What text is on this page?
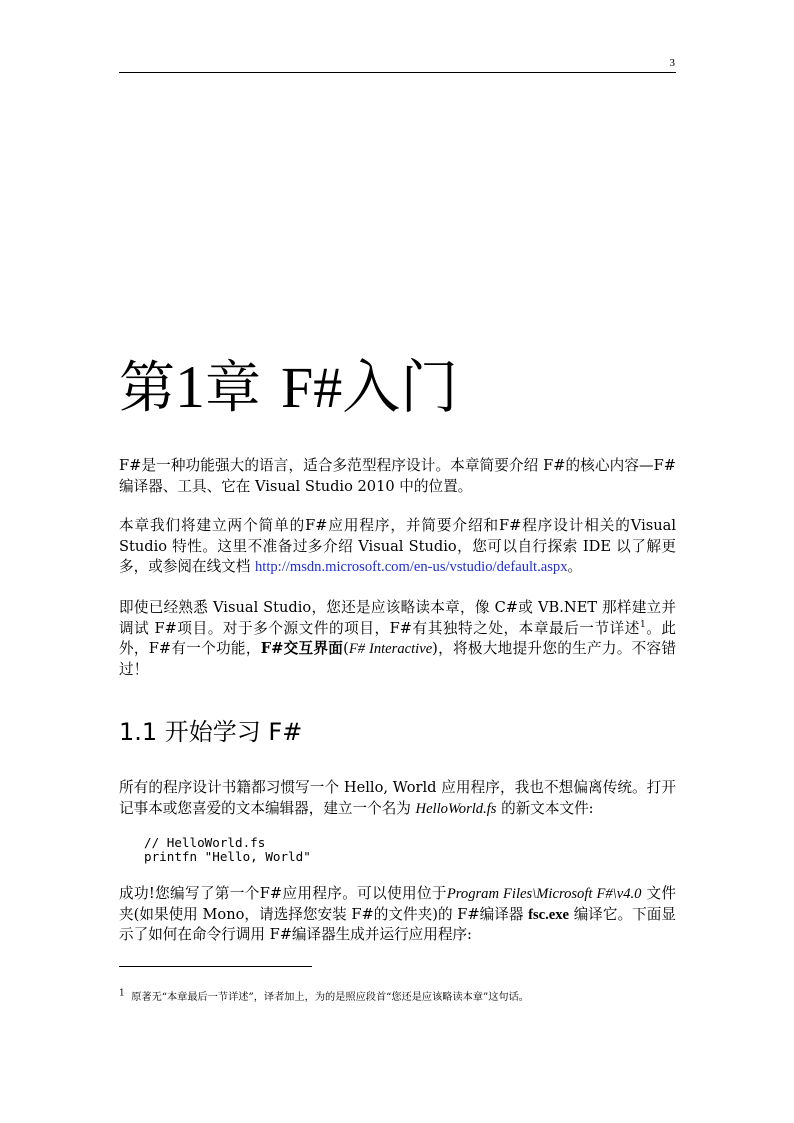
3
第1章 F#入门

F#是一种功能强大的语言，适合多范型程序设计。本章简要介绍 F#的核心内容—F#编译器、工具、它在 Visual Studio 2010 中的位置。

本章我们将建立两个简单的F#应用程序，并简要介绍和F#程序设计相关的Visual Studio 特性。这里不准备过多介绍 Visual Studio，您可以自行探索 IDE 以了解更多，或参阅在线文档 http://msdn.microsoft.com/en-us/vstudio/default.aspx。

即使已经熟悉 Visual Studio，您还是应该略读本章，像 C#或 VB.NET 那样建立并调试 F#项目。对于多个源文件的项目，F#有其独特之处，本章最后一节详述$^1$。此外，F#有一个功能，F#交互界面(F# Interactive)，将极大地提升您的生产力。不容错过！

1.1 开始学习 F#

所有的程序设计书籍都习惯写一个 Hello, World 应用程序，我也不想偏离传统。打开记事本或您喜爱的文本编辑器，建立一个名为 HelloWorld.fs 的新文本文件:

// HelloWorld.fs
printfn "Hello, World"

成功!您编写了第一个F#应用程序。可以使用位于Program Files\Microsoft F#\v4.0 文件夹(如果使用 Mono，请选择您安装 F#的文件夹)的 F#编译器 fsc.exe 编译它。下面显示了如何在命令行调用 F#编译器生成并运行应用程序:

$^1$ 原著无“本章最后一节详述”，译者加上，为的是照应段首“您还是应该略读本章”这句话。
